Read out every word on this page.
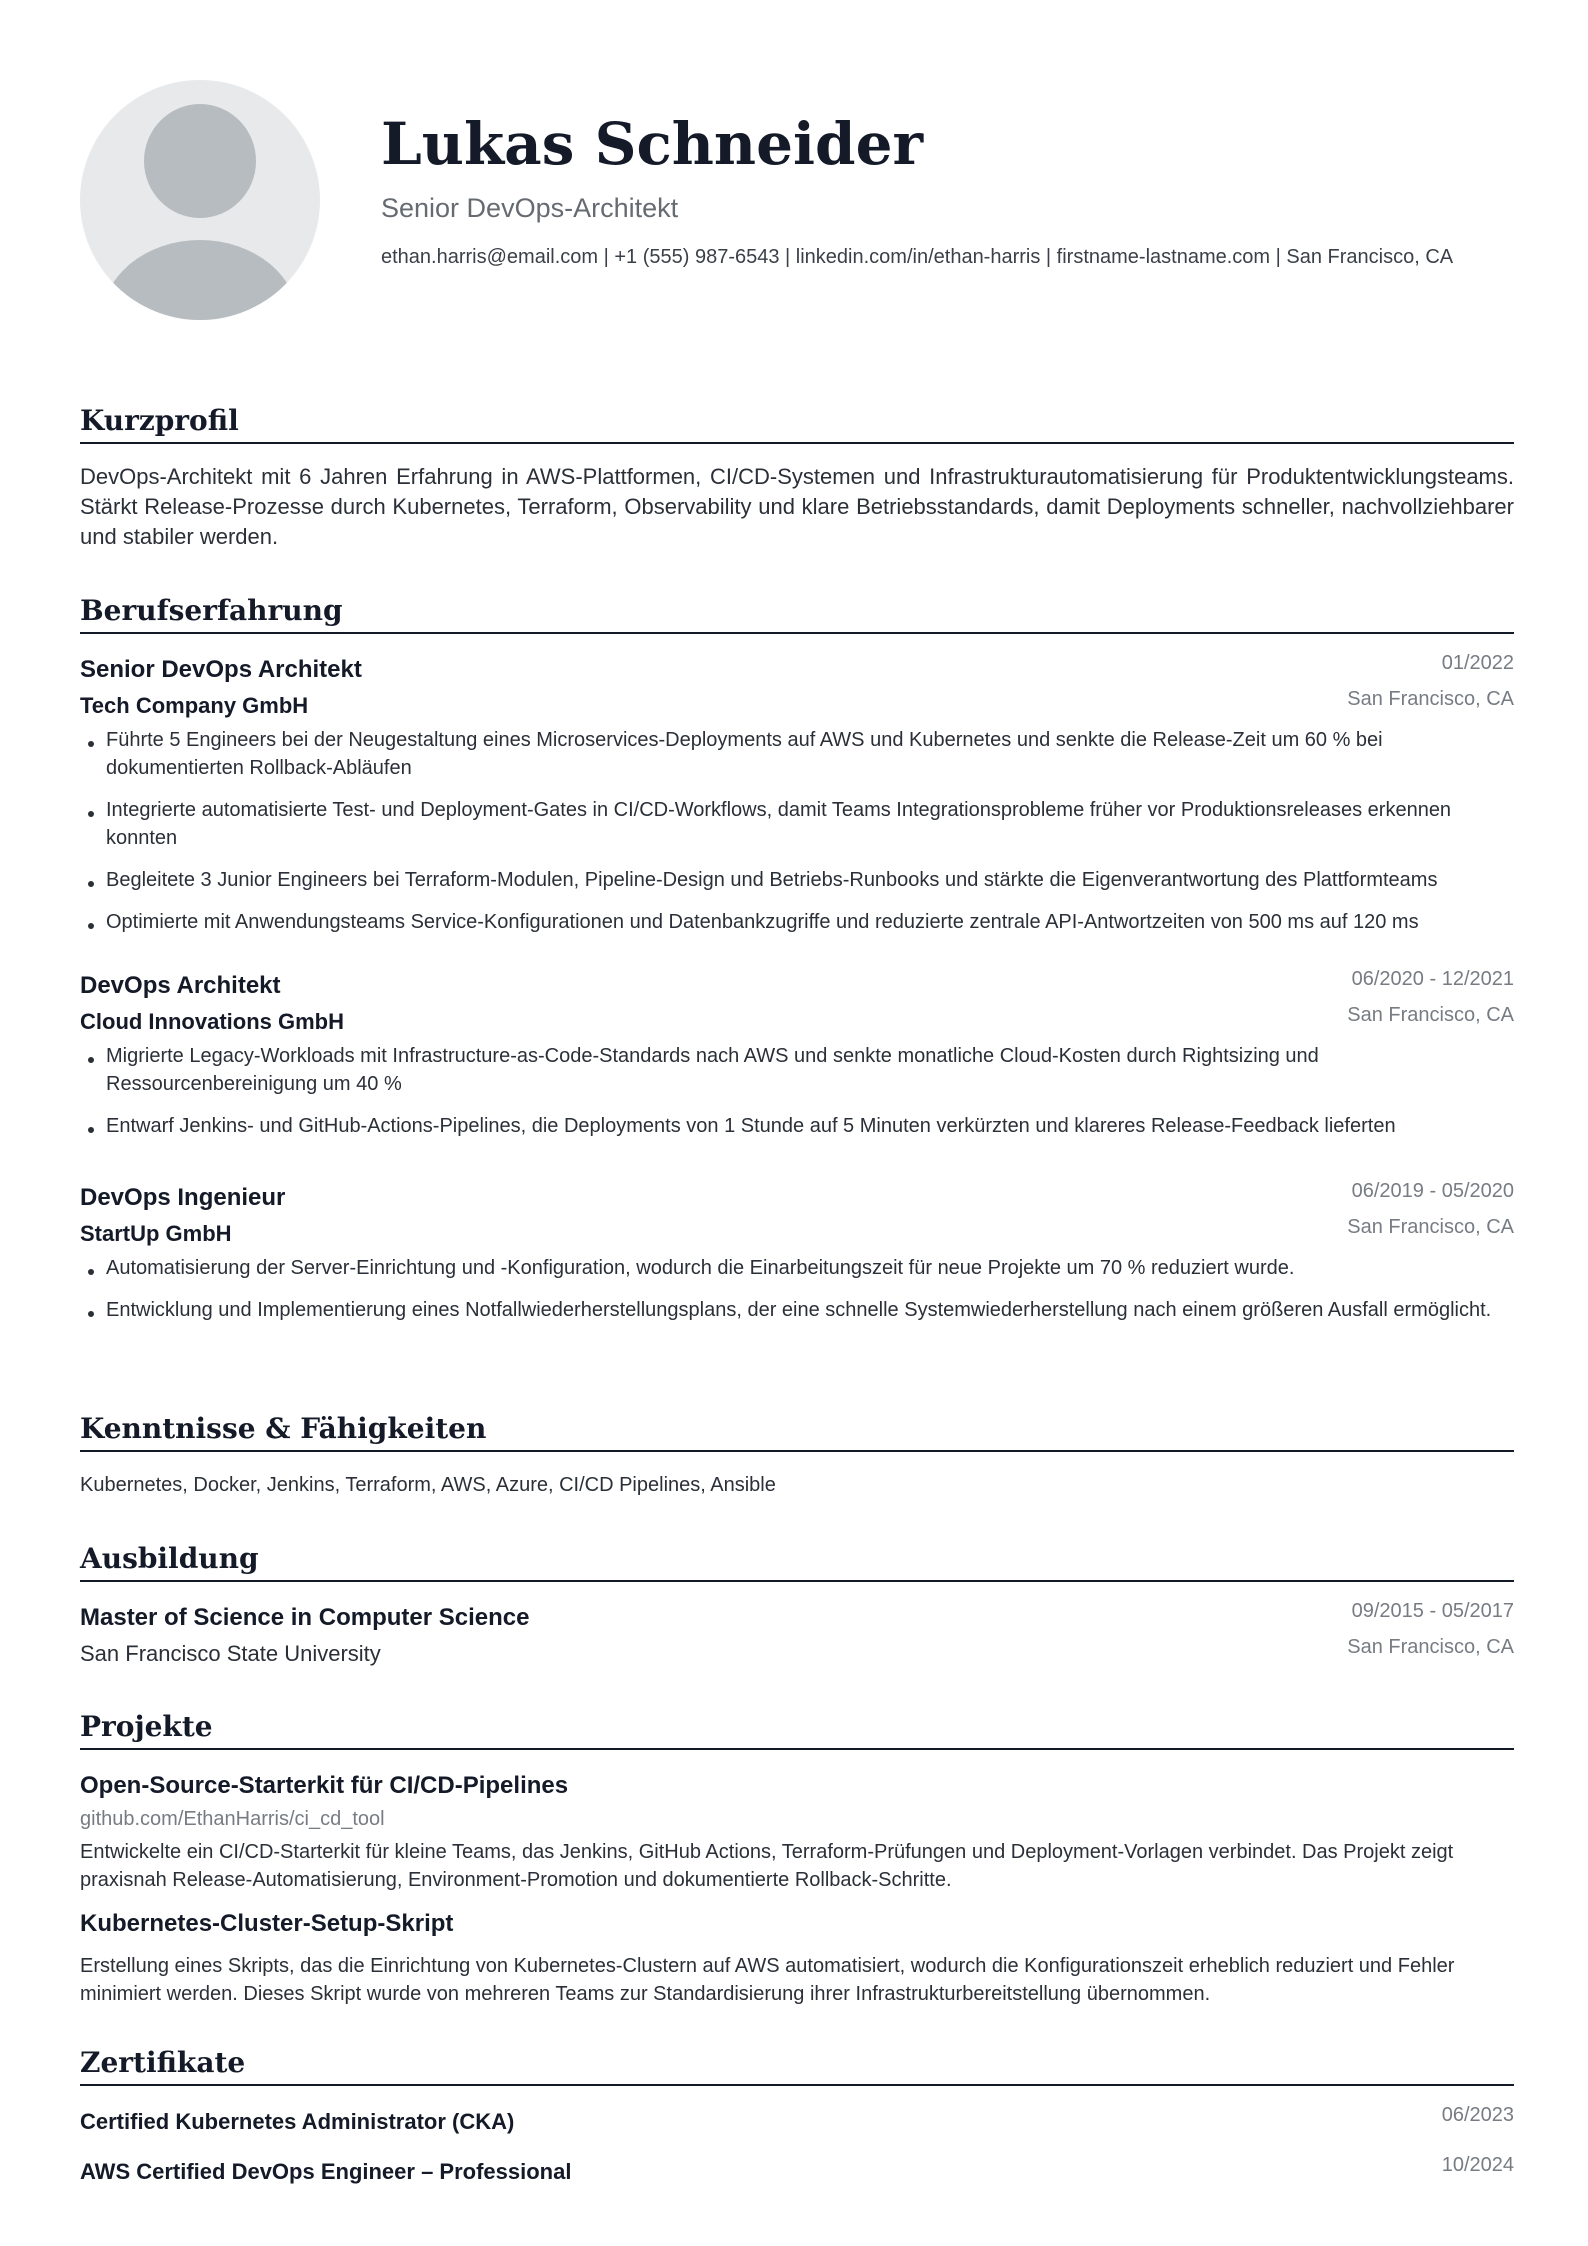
Lukas Schneider
Senior DevOps-Architekt
ethan.harris@email.com | +1 (555) 987-6543 | linkedin.com/in/ethan-harris | firstname-lastname.com | San Francisco, CA
Kurzprofil
DevOps-Architekt mit 6 Jahren Erfahrung in AWS-Plattformen, CI/CD-Systemen und Infrastrukturautomatisierung für Produktentwicklungsteams. Stärkt Release-Prozesse durch Kubernetes, Terraform, Observability und klare Betriebsstandards, damit Deployments schneller, nachvollziehbarer und stabiler werden.
Berufserfahrung
Senior DevOps Architekt	01/2022
Tech Company GmbH	San Francisco, CA
Führte 5 Engineers bei der Neugestaltung eines Microservices-Deployments auf AWS und Kubernetes und senkte die Release-Zeit um 60 % bei dokumentierten Rollback-Abläufen
Integrierte automatisierte Test- und Deployment-Gates in CI/CD-Workflows, damit Teams Integrationsprobleme früher vor Produktionsreleases erkennen konnten
Begleitete 3 Junior Engineers bei Terraform-Modulen, Pipeline-Design und Betriebs-Runbooks und stärkte die Eigenverantwortung des Plattformteams
Optimierte mit Anwendungsteams Service-Konfigurationen und Datenbankzugriffe und reduzierte zentrale API-Antwortzeiten von 500 ms auf 120 ms
DevOps Architekt	06/2020 - 12/2021
Cloud Innovations GmbH	San Francisco, CA
Migrierte Legacy-Workloads mit Infrastructure-as-Code-Standards nach AWS und senkte monatliche Cloud-Kosten durch Rightsizing und Ressourcenbereinigung um 40 %
Entwarf Jenkins- und GitHub-Actions-Pipelines, die Deployments von 1 Stunde auf 5 Minuten verkürzten und klareres Release-Feedback lieferten
DevOps Ingenieur	06/2019 - 05/2020
StartUp GmbH	San Francisco, CA
Automatisierung der Server-Einrichtung und -Konfiguration, wodurch die Einarbeitungszeit für neue Projekte um 70 % reduziert wurde.
Entwicklung und Implementierung eines Notfallwiederherstellungsplans, der eine schnelle Systemwiederherstellung nach einem größeren Ausfall ermöglicht.
Kenntnisse & Fähigkeiten
Kubernetes, Docker, Jenkins, Terraform, AWS, Azure, CI/CD Pipelines, Ansible
Ausbildung
Master of Science in Computer Science	09/2015 - 05/2017
San Francisco State University	San Francisco, CA
Projekte
Open-Source-Starterkit für CI/CD-Pipelines
github.com/EthanHarris/ci_cd_tool
Entwickelte ein CI/CD-Starterkit für kleine Teams, das Jenkins, GitHub Actions, Terraform-Prüfungen und Deployment-Vorlagen verbindet. Das Projekt zeigt praxisnah Release-Automatisierung, Environment-Promotion und dokumentierte Rollback-Schritte.
Kubernetes-Cluster-Setup-Skript
Erstellung eines Skripts, das die Einrichtung von Kubernetes-Clustern auf AWS automatisiert, wodurch die Konfigurationszeit erheblich reduziert und Fehler minimiert werden. Dieses Skript wurde von mehreren Teams zur Standardisierung ihrer Infrastrukturbereitstellung übernommen.
Zertifikate
Certified Kubernetes Administrator (CKA)	06/2023
AWS Certified DevOps Engineer – Professional	10/2024
